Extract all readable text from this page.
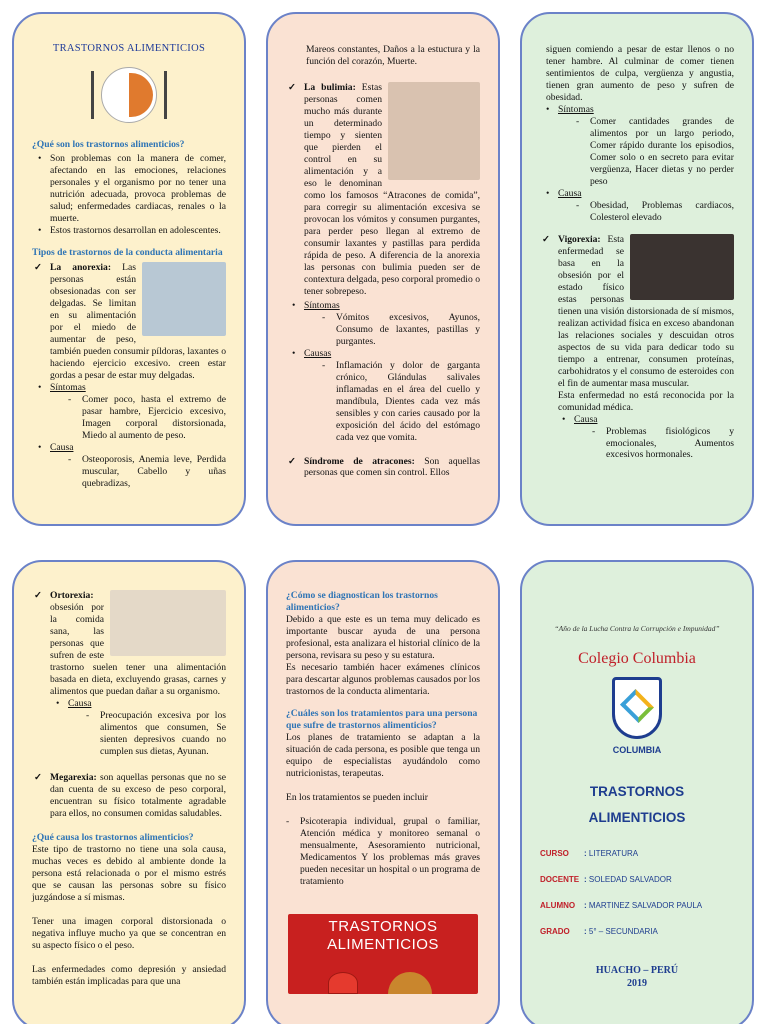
TRASTORNOS ALIMENTICIOS
¿Qué son los trastornos alimenticios?
• Son problemas con la manera de comer, afectando en las emociones, relaciones personales y el organismo por no tener una nutrición adecuada, provoca problemas de salud; enfermedades cardiacas, renales o la muerte.
• Estos trastornos desarrollan en adolescentes.
Tipos de trastornos de la conducta alimentaria
✓ La anorexia: Las personas están obsesionadas con ser delgadas. Se limitan en su alimentación por el miedo de aumentar de peso, también pueden consumir píldoras, laxantes o haciendo ejercicio excesivo. creen estar gordas a pesar de estar muy delgadas.
• Síntomas
- Comer poco, hasta el extremo de pasar hambre, Ejercicio excesivo, Imagen corporal distorsionada, Miedo al aumento de peso.
• Causa
- Osteoporosis, Anemia leve, Perdida muscular, Cabello y uñas quebradizas,
Mareos constantes, Daños a la estuctura y la función del corazón, Muerte.
✓ La bulimia: Estas personas comen mucho más durante un determinado tiempo y sienten que pierden el control en su alimentación y a eso le denominan como los famosos “Atracones de comida”, para corregir su alimentación excesiva se provocan los vómitos y consumen purgantes, para perder peso llegan al extremo de consumir laxantes y pastillas para perdida rápida de peso. A diferencia de la anorexia las personas con bulimia pueden ser de contextura delgada, peso corporal promedio o tener sobrepeso.
• Síntomas
- Vómitos excesivos, Ayunos, Consumo de laxantes, pastillas y purgantes.
• Causas
- Inflamación y dolor de garganta crónico, Glándulas salivales inflamadas en el área del cuello y mandíbula, Dientes cada vez más sensibles y con caries causado por la exposición del ácido del estómago cada vez que vomita.
✓ Síndrome de atracones: Son aquellas personas que comen sin control. Ellos
siguen comiendo a pesar de estar llenos o no tener hambre. Al culminar de comer tienen sentimientos de culpa, vergüenza y angustia, tienen gran aumento de peso y sufren de obesidad.
• Síntomas
- Comer cantidades grandes de alimentos por un largo periodo, Comer rápido durante los episodios, Comer solo o en secreto para evitar vergüenza, Hacer dietas y no perder peso
• Causa
- Obesidad, Problemas cardiacos, Colesterol elevado
✓ Vigorexia: Esta enfermedad se basa en la obsesión por el estado físico estas personas tienen una visión distorsionada de sí mismos, realizan actividad física en exceso abandonan las relaciones sociales y descuidan otros aspectos de su vida para dedicar todo su tiempo a entrenar, consumen proteínas, carbohidratos y el consumo de esteroides con el fin de aumentar masa muscular.
Esta enfermedad no está reconocida por la comunidad médica.
• Causa
- Problemas fisiológicos y emocionales, Aumentos excesivos hormonales.
✓ Ortorexia: obsesión por la comida sana, las personas que sufren de este trastorno suelen tener una alimentación basada en dieta, excluyendo grasas, carnes y alimentos que puedan dañar a su organismo.
• Causa
- Preocupación excesiva por los alimentos que consumen, Se sienten depresivos cuando no cumplen sus dietas, Ayunan.
✓ Megarexia: son aquellas personas que no se dan cuenta de su exceso de peso corporal, encuentran su físico totalmente agradable para ellos, no consumen comidas saludables.
¿Qué causa los trastornos alimenticios?

Este tipo de trastorno no tiene una sola causa, muchas veces es debido al ambiente donde la persona está relacionada o por el mismo estrés que se causan las personas sobre su físico juzgándose a sí mismas.

Tener una imagen corporal distorsionada o negativa influye mucho ya que se concentran en su aspecto físico o el peso.

Las enfermedades como depresión y ansiedad también están implicadas para que una

¿Cómo se diagnostican los trastornos alimenticios?

Debido a que este es un tema muy delicado es importante buscar ayuda de una persona profesional, esta analizara el historial clínico de la persona, revisara su peso y su estatura.

Es necesario también hacer exámenes clínicos para descartar algunos problemas causados por los trastornos de la conducta alimentaria.

¿Cuáles son los tratamientos para una persona que sufre de trastornos alimenticios?

Los planes de tratamiento se adaptan a la situación de cada persona, es posible que tenga un equipo de especialistas ayudándolo como nutricionistas, terapeutas.

En los tratamientos se pueden incluir

- Psicoterapia individual, grupal o familiar, Atención médica y monitoreo semanal o mensualmente, Asesoramiento nutricional, Medicamentos Y los problemas más graves pueden necesitar un hospital o un programa de tratamiento
TRASTORNOS ALIMENTICIOS
“Año de la Lucha Contra la Corrupción e Impunidad”
Colegio Columbia
COLUMBIA
TRASTORNOS
ALIMENTICIOS
CURSO	: LITERATURA
DOCENTE	: SOLEDAD SALVADOR
ALUMNO	: MARTINEZ SALVADOR PAULA
GRADO	: 5° – SECUNDARIA
HUACHO – PERÚ
2019
